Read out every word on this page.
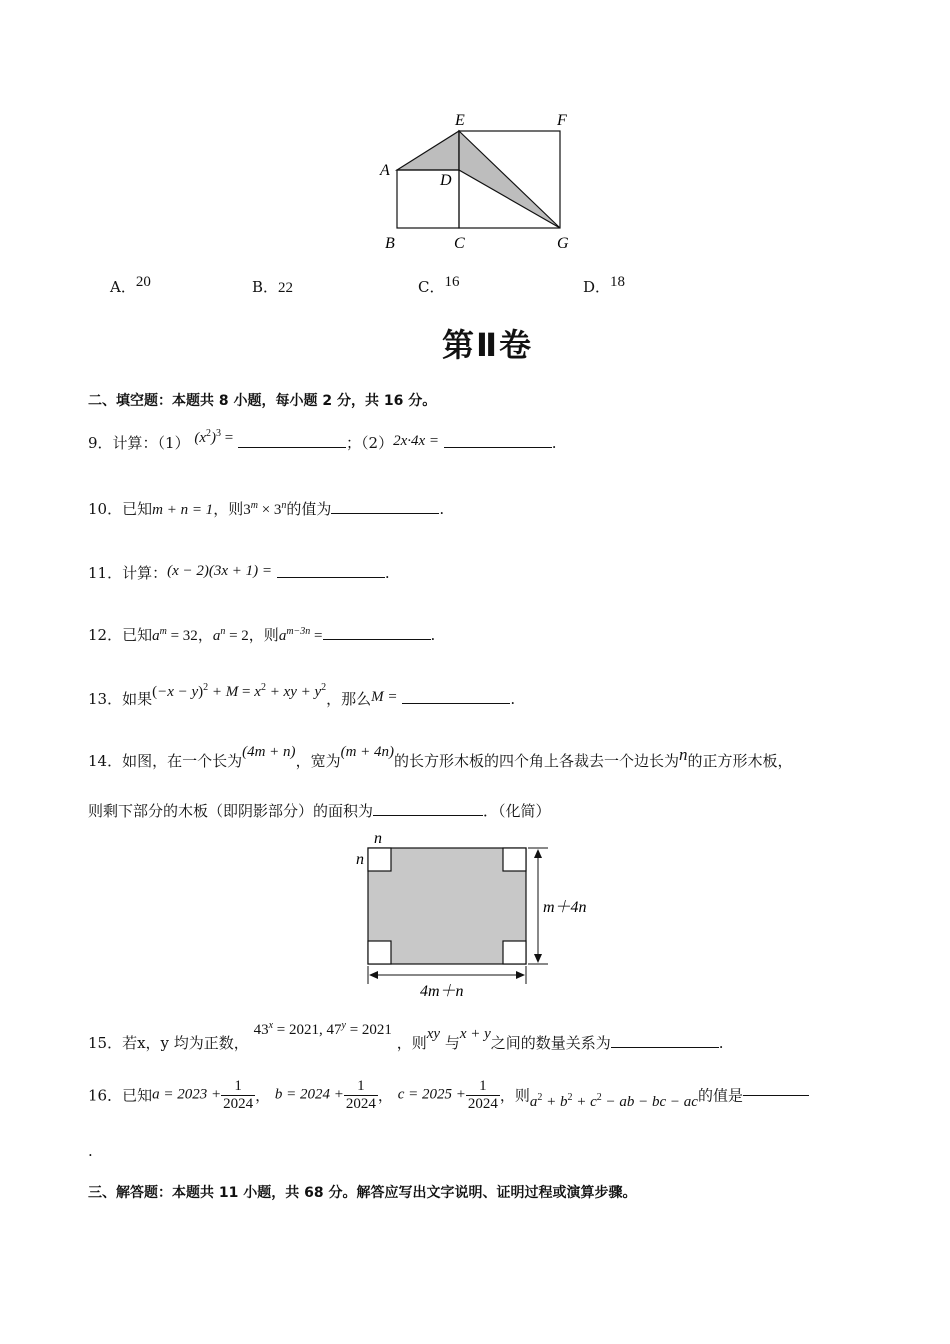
E	F
A
D
B	C	G
A．20	B．22	C．16	D．18
第Ⅱ卷
二、填空题：本题共 8 小题，每小题 2 分，共 16 分。
9．计算：（1） $(x^2)^3$ =	；（2）2x·4x =	.
10．已知m + n = 1，则$3^m \times 3^n$的值为	.
11．计算：(x − 2)(3x + 1) =	.
12．已知$a^m = 32$，$a^n = 2$，则$a^{m-3n}$ =	.
13．如果$(-x - y)^2 + M = x^2$ + xy + $y^2$，那么M =	.
14．如图，在一个长为(4m + n)，宽为(m + 4n)的长方形木板的四个角上各裁去一个边长为n的正方形木板，
则剩下部分的木板（即阴影部分）的面积为	．（化简）
n
n
m＋4n
4m＋n
15．若x，y 均为正数， $43^x = 2021$, $47^y = 2021$ ，则xy 与x + y之间的数量关系为	.
16．已知$a = 2023 + \frac{1}{2024}$ ， $b = 2024 + \frac{1}{2024}$ ， $c = 2025 + \frac{1}{2024}$ ，则$a^2 + b^2 + c^2$ − ab − bc − ac的值是
.
三、解答题：本题共 11 小题，共 68 分。解答应写出文字说明、证明过程或演算步骤。
